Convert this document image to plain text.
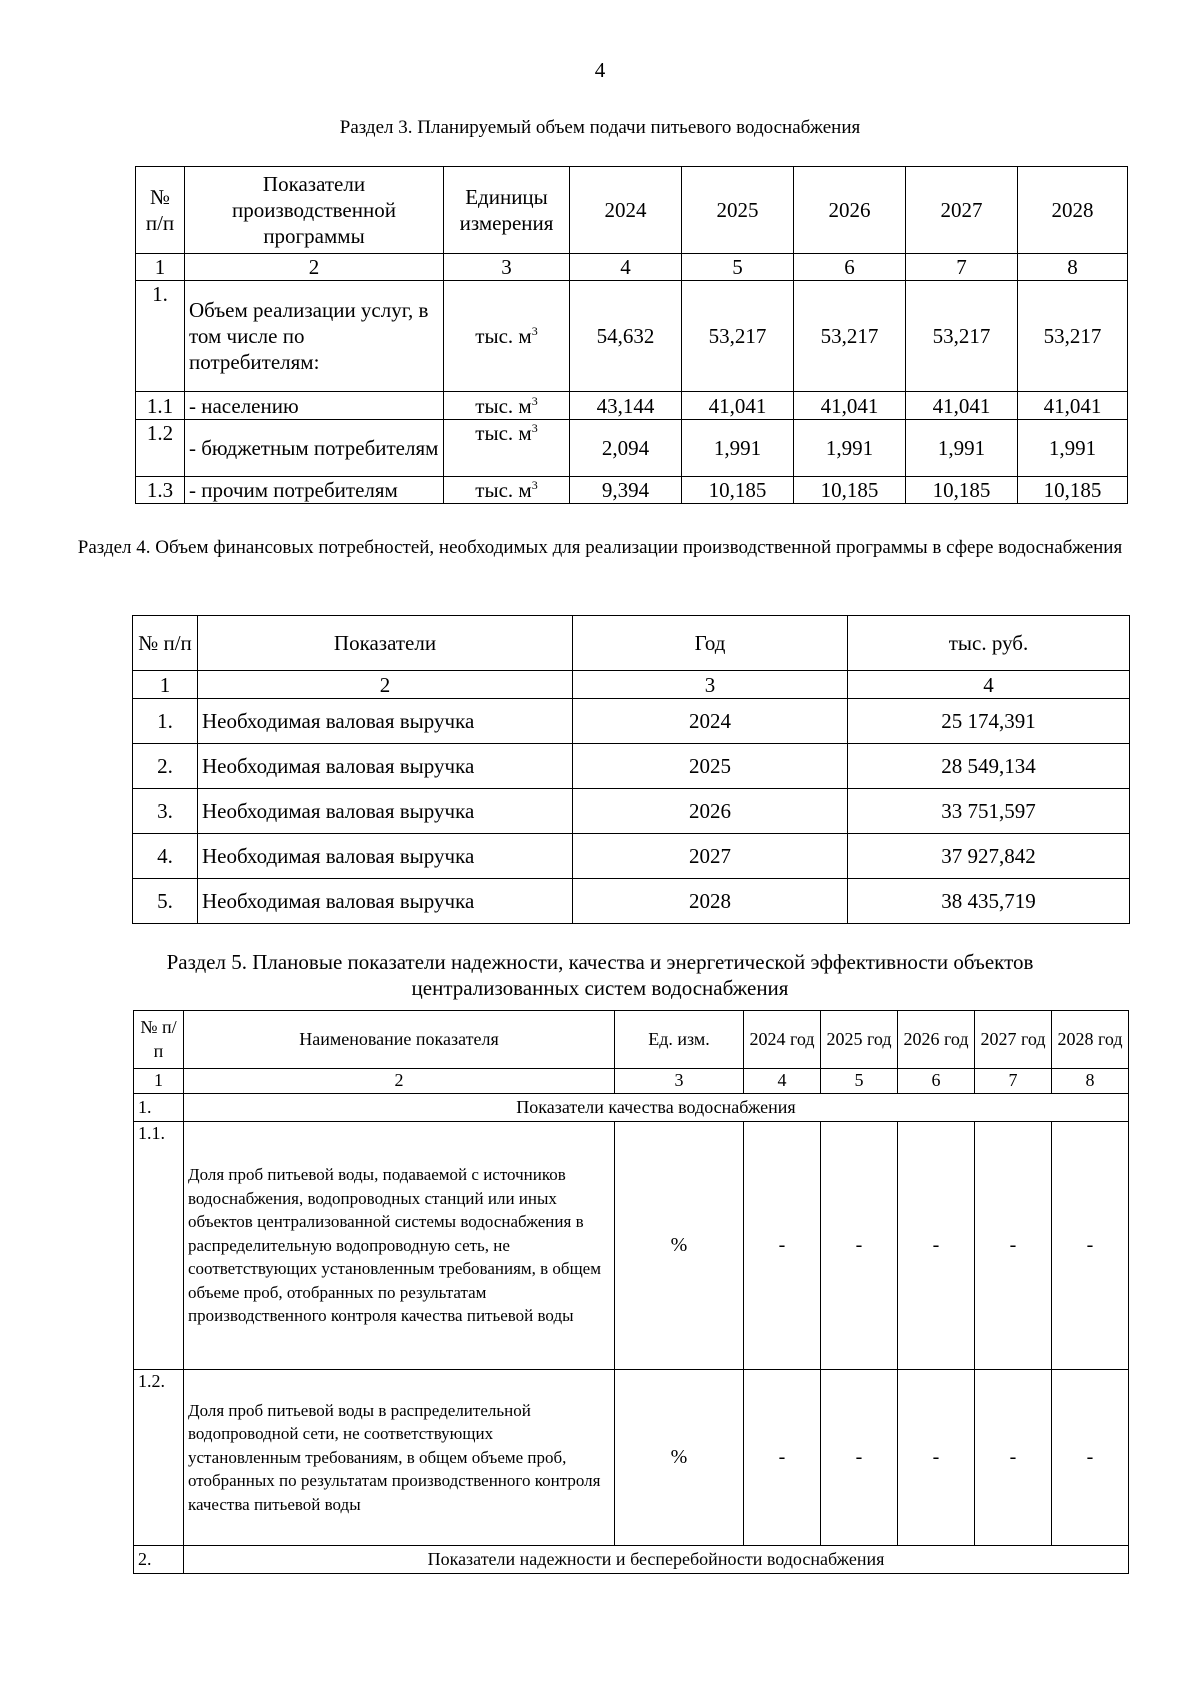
4
Раздел 3. Планируемый объем подачи питьевого водоснабжения
№ п/п	Показатели производственной программы	Единицы измерения	2024	2025	2026	2027	2028
1	2	3	4	5	6	7	8
1.	Объем реализации услуг, в том числе по потребителям:	тыс. $м^3$	54,632	53,217	53,217	53,217	53,217
1.1	- населению	тыс. $м^3$	43,144	41,041	41,041	41,041	41,041
1.2	- бюджетным потребителям	тыс. $м^3$	2,094	1,991	1,991	1,991	1,991
1.3	- прочим потребителям	тыс. $м^3$	9,394	10,185	10,185	10,185	10,185
Раздел 4. Объем финансовых потребностей, необходимых для реализации производственной программы в сфере водоснабжения
№ п/п	Показатели	Год	тыс. руб.
1	2	3	4
1.	Необходимая валовая выручка	2024	25 174,391
2.	Необходимая валовая выручка	2025	28 549,134
3.	Необходимая валовая выручка	2026	33 751,597
4.	Необходимая валовая выручка	2027	37 927,842
5.	Необходимая валовая выручка	2028	38 435,719
Раздел 5. Плановые показатели надежности, качества и энергетической эффективности объектов централизованных систем водоснабжения
№ п/п	Наименование показателя	Ед. изм.	2024 год	2025 год	2026 год	2027 год	2028 год
1	2	3	4	5	6	7	8
1.	Показатели качества водоснабжения						
1.1.	Доля проб питьевой воды, подаваемой с источников водоснабжения, водопроводных станций или иных объектов централизованной системы водоснабжения в распределительную водопроводную сеть, не соответствующих установленным требованиям, в общем объеме проб, отобранных по результатам производственного контроля качества питьевой воды	%	-	-	-	-	-
1.2.	Доля проб питьевой воды в распределительной водопроводной сети, не соответствующих установленным требованиям, в общем объеме проб, отобранных по результатам производственного контроля качества питьевой воды	%	-	-	-	-	-
2.	Показатели надежности и бесперебойности водоснабжения						
